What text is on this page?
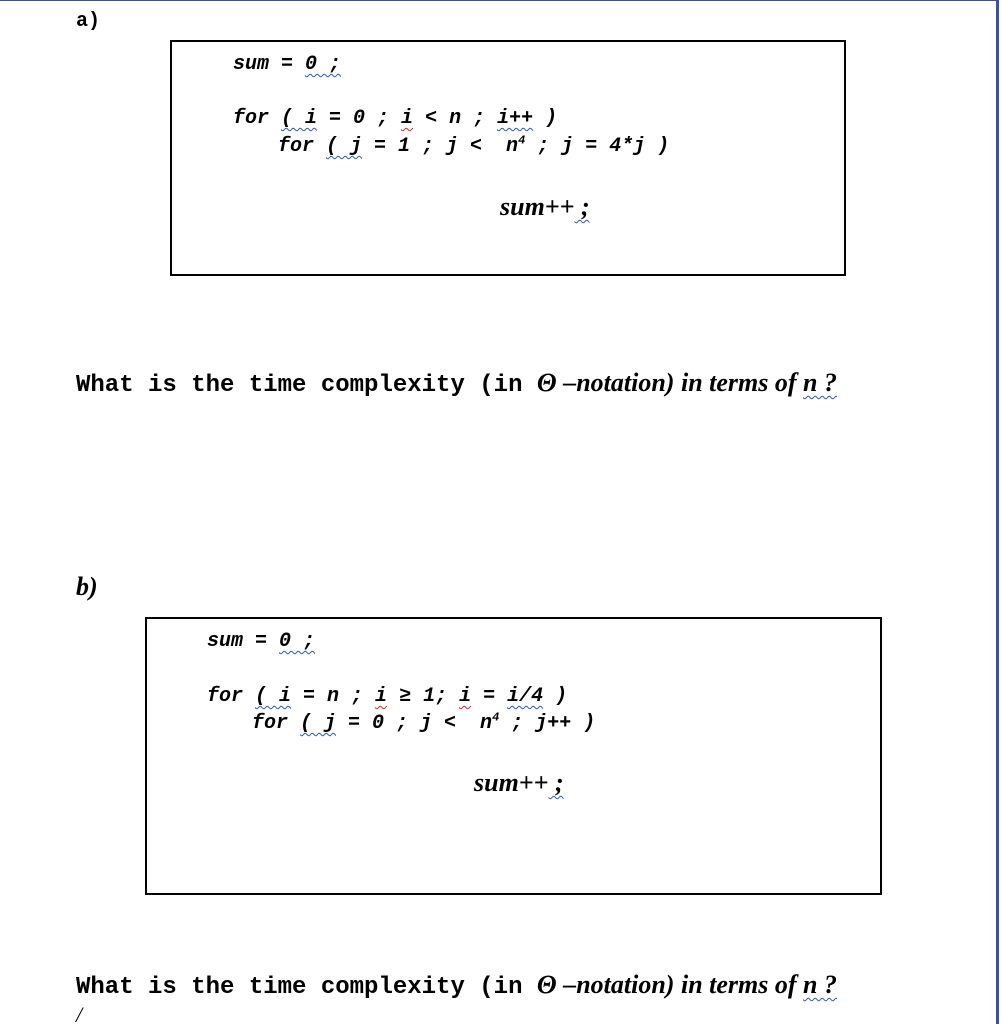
a)
sum = 0 ;
for ( i = 0 ; i < n ; i++ )
for ( j = 1 ; $j < n^4$ ; j = 4*j )
sum++ ;
What is the time complexity (in Θ –notation) in terms of n ?
b)
sum = 0 ;
for ( i = n ; i ≥ 1; i = i/4 )
for ( j = 0 ; $j < n^4$ ; j++ )
sum++ ;
What is the time complexity (in Θ –notation) in terms of n ?
/
